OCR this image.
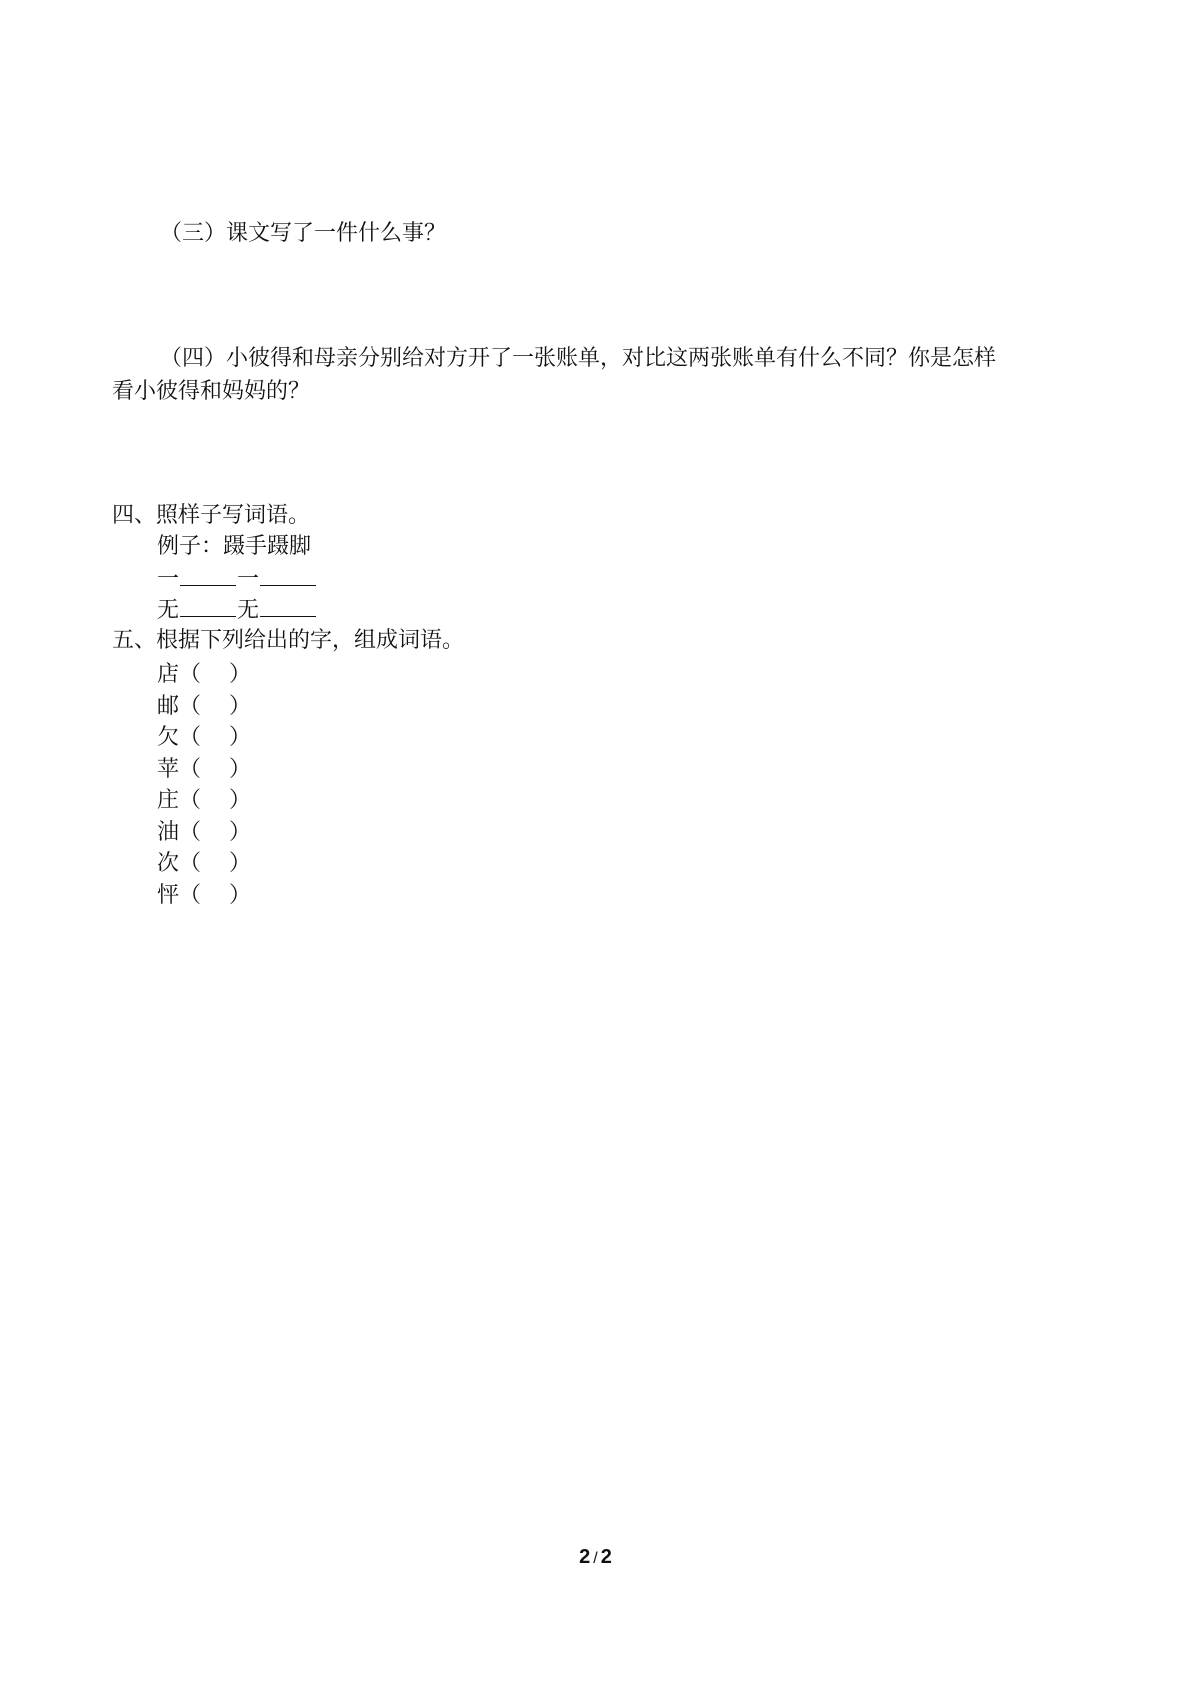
（三）课文写了一件什么事？
（四）小彼得和母亲分别给对方开了一张账单，对比这两张账单有什么不同？你是怎样
看小彼得和妈妈的？
四、照样子写词语。
例子：蹑手蹑脚
一	一
无	无
五、根据下列给出的字，组成词语。
店（ ）
邮（ ）
欠（ ）
苹（ ）
庄（ ）
油（ ）
次（ ）
怦（ ）
2 / 2
